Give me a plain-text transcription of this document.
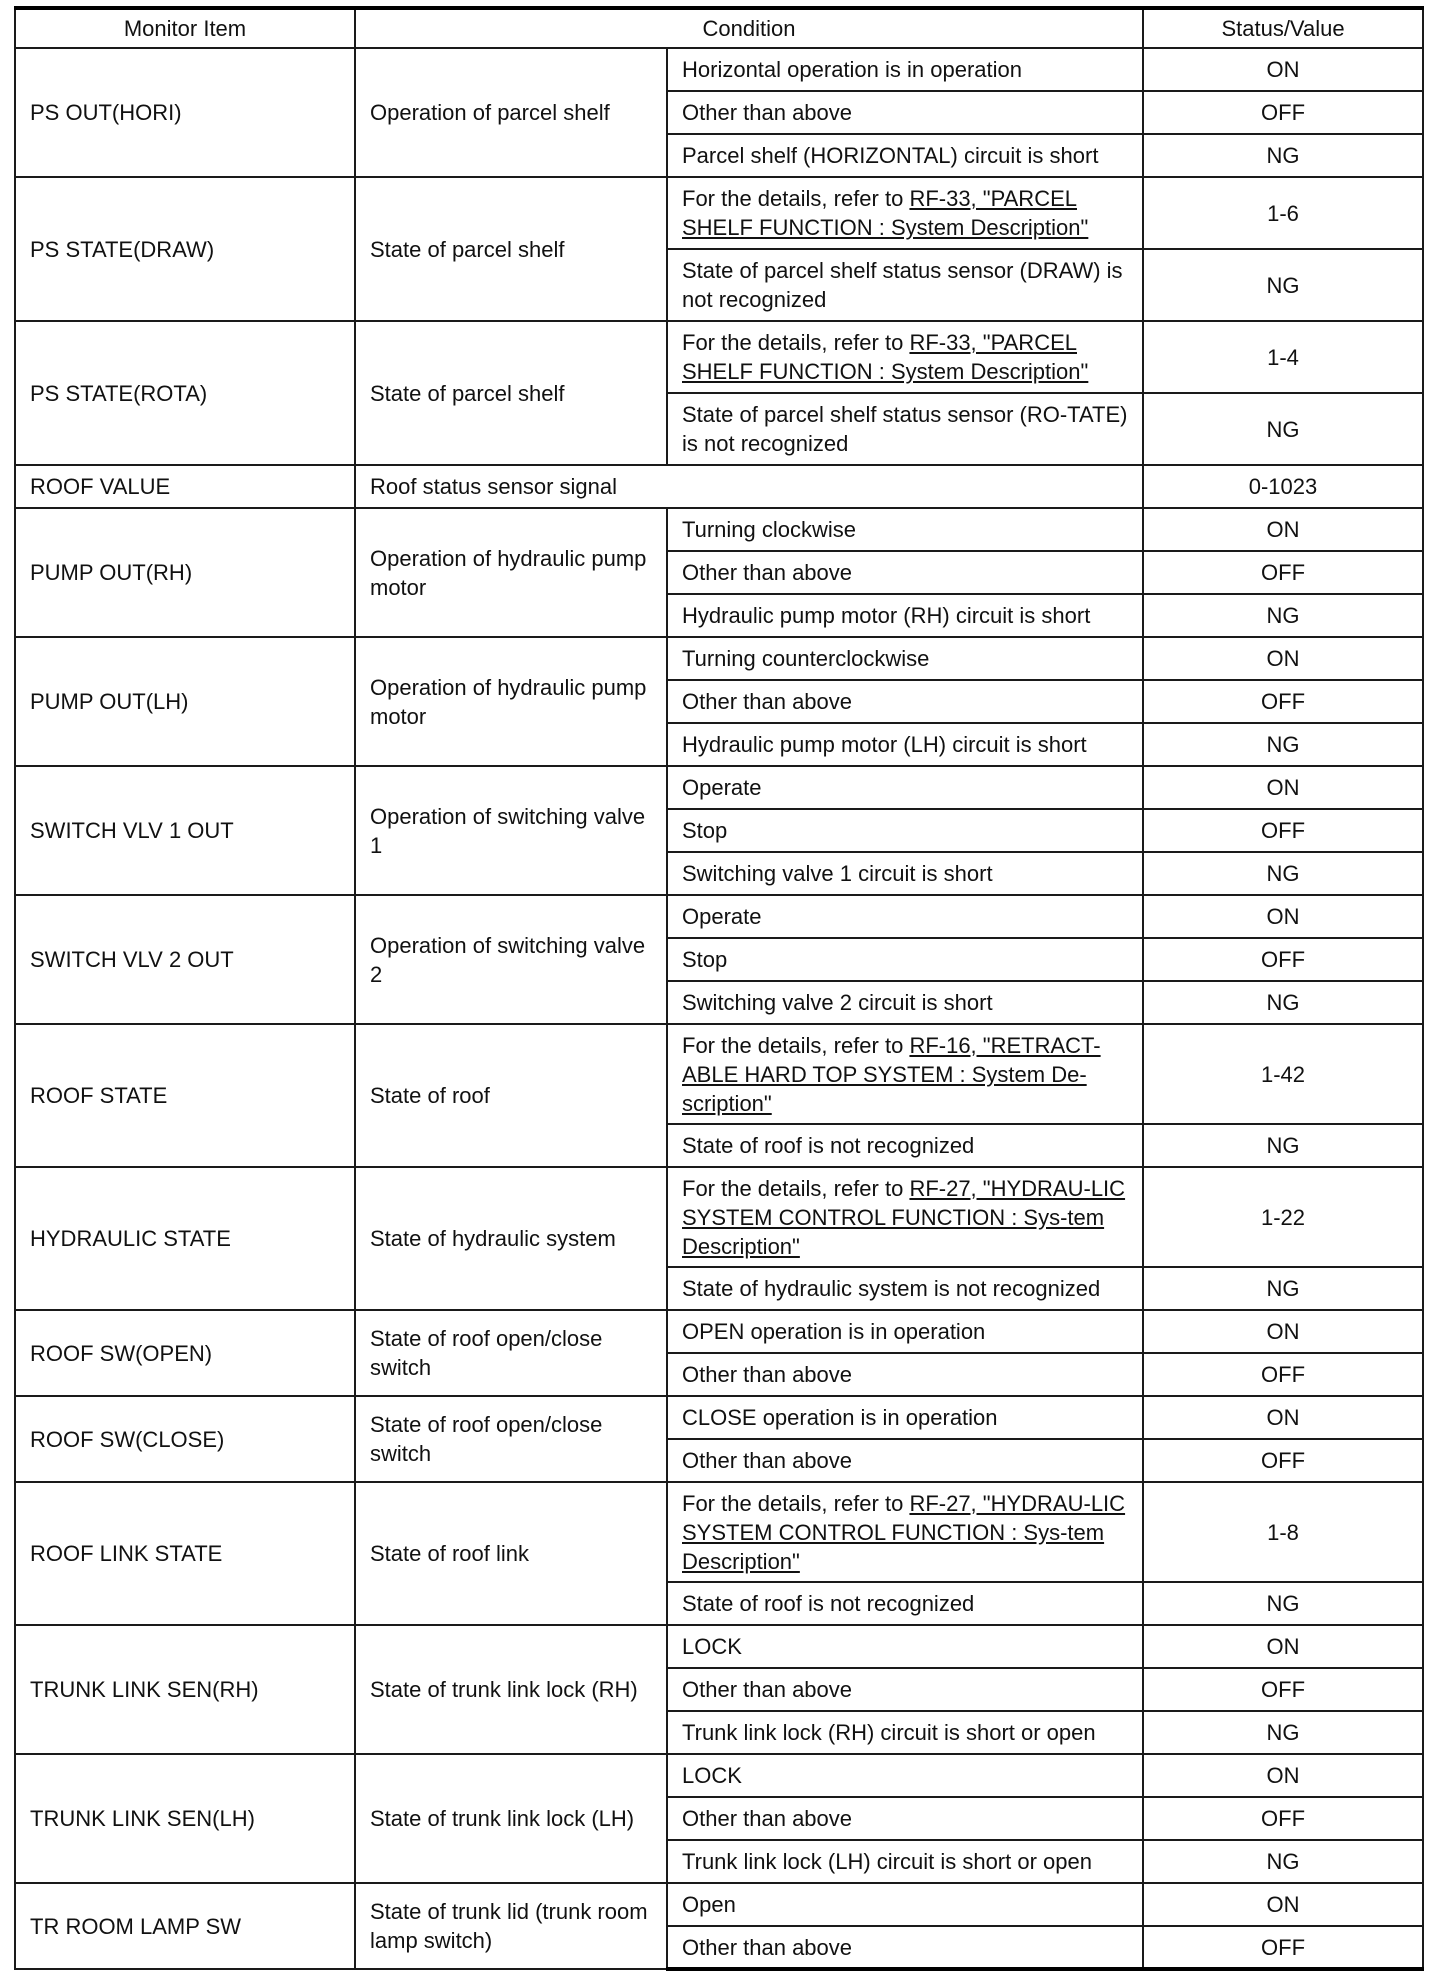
Monitor Item	Condition		Status/Value
PS OUT(HORI)	Operation of parcel shelf	Horizontal operation is in operation	ON
		Other than above	OFF
		Parcel shelf (HORIZONTAL) circuit is short	NG
PS STATE(DRAW)	State of parcel shelf	For the details, refer to RF-33, "PARCEL SHELF FUNCTION : System Description"	1-6
		State of parcel shelf status sensor (DRAW) is not recognized	NG
PS STATE(ROTA)	State of parcel shelf	For the details, refer to RF-33, "PARCEL SHELF FUNCTION : System Description"	1-4
		State of parcel shelf status sensor (RO-TATE) is not recognized	NG
ROOF VALUE	Roof status sensor signal		0-1023
PUMP OUT(RH)	Operation of hydraulic pump motor	Turning clockwise	ON
		Other than above	OFF
		Hydraulic pump motor (RH) circuit is short	NG
PUMP OUT(LH)	Operation of hydraulic pump motor	Turning counterclockwise	ON
		Other than above	OFF
		Hydraulic pump motor (LH) circuit is short	NG
SWITCH VLV 1 OUT	Operation of switching valve 1	Operate	ON
		Stop	OFF
		Switching valve 1 circuit is short	NG
SWITCH VLV 2 OUT	Operation of switching valve 2	Operate	ON
		Stop	OFF
		Switching valve 2 circuit is short	NG
ROOF STATE	State of roof	For the details, refer to RF-16, "RETRACT-ABLE HARD TOP SYSTEM : System De-scription"	1-42
		State of roof is not recognized	NG
HYDRAULIC STATE	State of hydraulic system	For the details, refer to RF-27, "HYDRAU-LIC SYSTEM CONTROL FUNCTION : Sys-tem Description"	1-22
		State of hydraulic system is not recognized	NG
ROOF SW(OPEN)	State of roof open/close switch	OPEN operation is in operation	ON
		Other than above	OFF
ROOF SW(CLOSE)	State of roof open/close switch	CLOSE operation is in operation	ON
		Other than above	OFF
ROOF LINK STATE	State of roof link	For the details, refer to RF-27, "HYDRAU-LIC SYSTEM CONTROL FUNCTION : Sys-tem Description"	1-8
		State of roof is not recognized	NG
TRUNK LINK SEN(RH)	State of trunk link lock (RH)	LOCK	ON
		Other than above	OFF
		Trunk link lock (RH) circuit is short or open	NG
TRUNK LINK SEN(LH)	State of trunk link lock (LH)	LOCK	ON
		Other than above	OFF
		Trunk link lock (LH) circuit is short or open	NG
TR ROOM LAMP SW	State of trunk lid (trunk room lamp switch)	Open	ON
		Other than above	OFF
